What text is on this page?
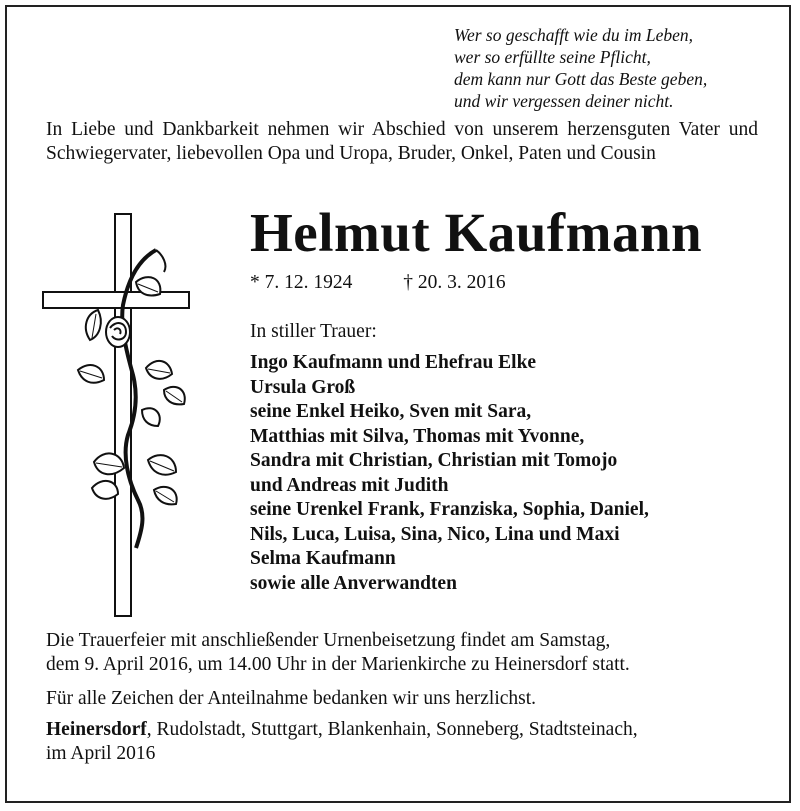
Wer so geschafft wie du im Leben,
wer so erfüllte seine Pflicht,
dem kann nur Gott das Beste geben,
und wir vergessen deiner nicht.
In Liebe und Dankbarkeit nehmen wir Abschied von unserem herzensguten Vater und Schwiegervater, liebevollen Opa und Uropa, Bruder, Onkel, Paten und Cousin
Helmut Kaufmann
* 7. 12. 1924	† 20. 3. 2016
In stiller Trauer:
Ingo Kaufmann und Ehefrau Elke
Ursula Groß
seine Enkel Heiko, Sven mit Sara,
Matthias mit Silva, Thomas mit Yvonne,
Sandra mit Christian, Christian mit Tomojo
und Andreas mit Judith
seine Urenkel Frank, Franziska, Sophia, Daniel,
Nils, Luca, Luisa, Sina, Nico, Lina und Maxi
Selma Kaufmann
sowie alle Anverwandten
Die Trauerfeier mit anschließender Urnenbeisetzung findet am Samstag,
dem 9. April 2016, um 14.00 Uhr in der Marienkirche zu Heinersdorf statt.
Für alle Zeichen der Anteilnahme bedanken wir uns herzlichst.
Heinersdorf, Rudolstadt, Stuttgart, Blankenhain, Sonneberg, Stadtsteinach,
im April 2016
